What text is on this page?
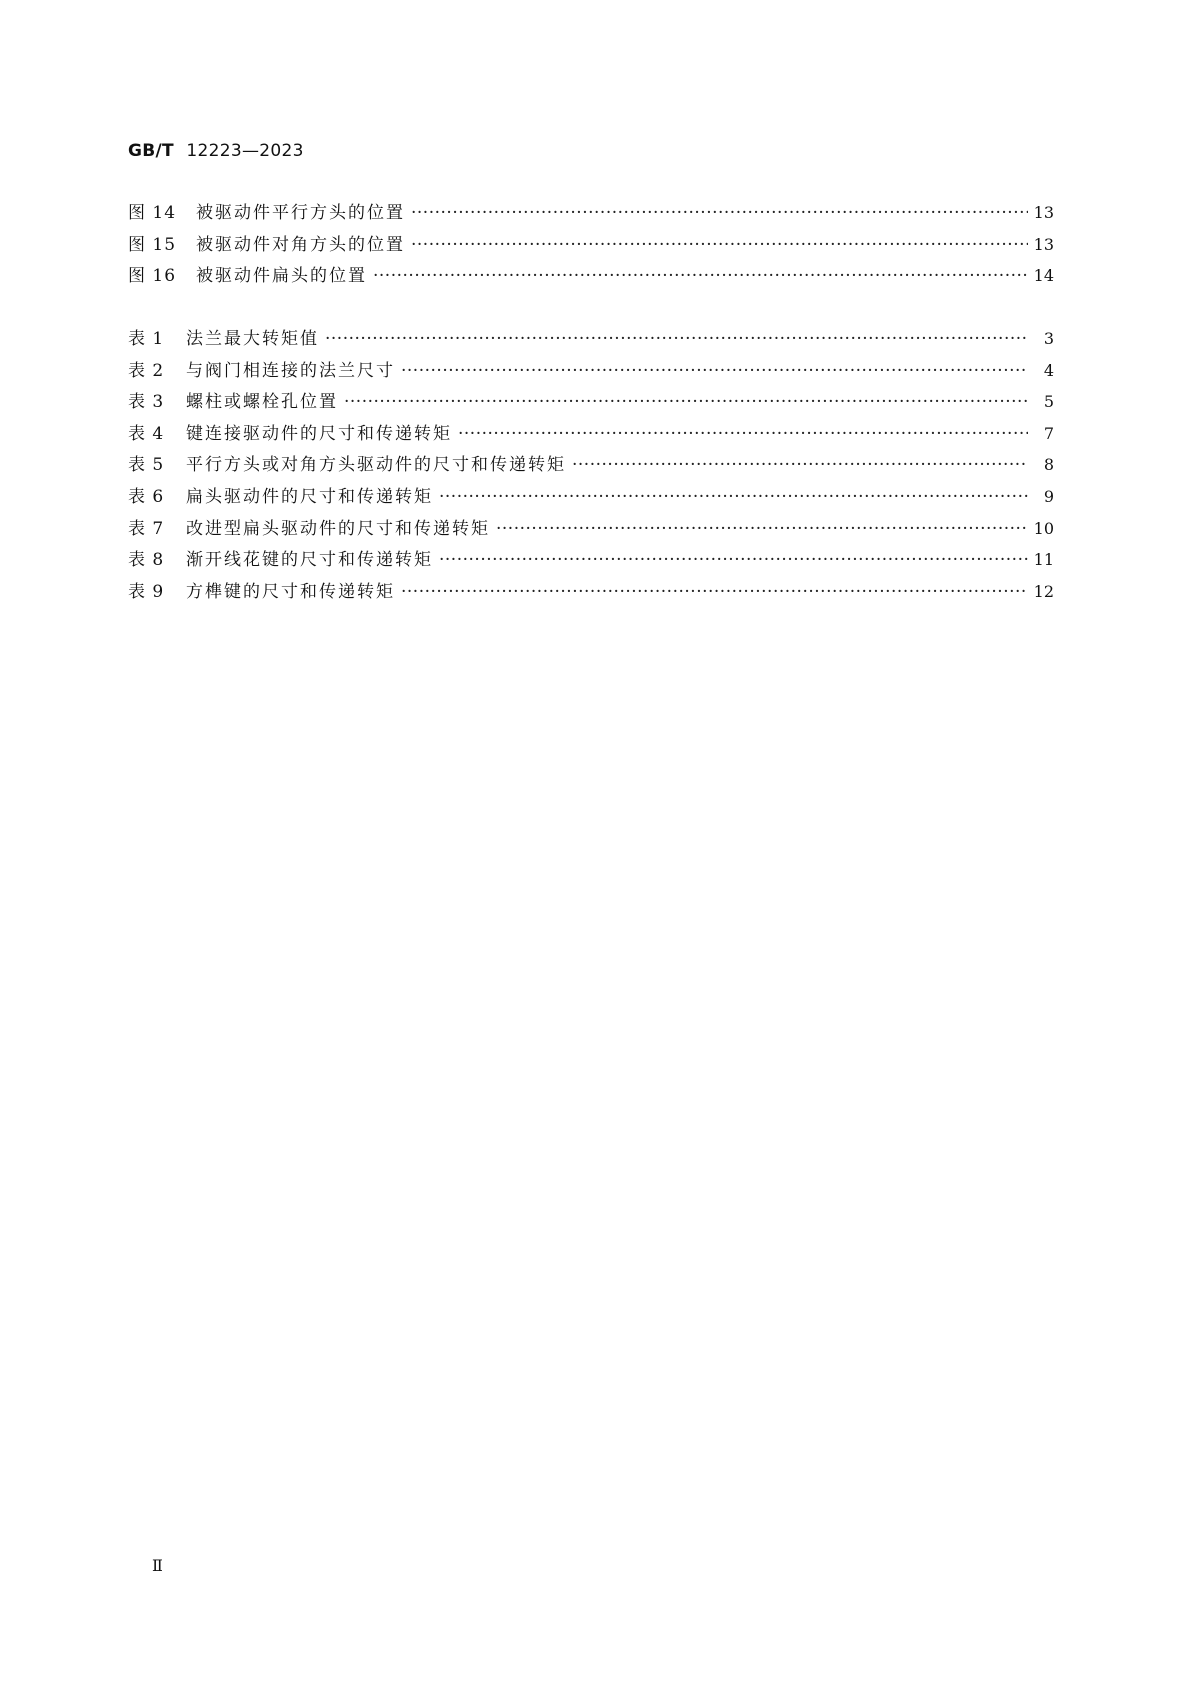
GB/T 12223—2023
图 14	被驱动件平行方头的位置 ·····	13
图 15	被驱动件对角方头的位置 ·····	13
图 16	被驱动件扁头的位置 ·····	14
表 1	法兰最大转矩值 ·····	3
表 2	与阀门相连接的法兰尺寸 ·····	4
表 3	螺柱或螺栓孔位置 ·····	5
表 4	键连接驱动件的尺寸和传递转矩 ·····	7
表 5	平行方头或对角方头驱动件的尺寸和传递转矩 ·····	8
表 6	扁头驱动件的尺寸和传递转矩 ·····	9
表 7	改进型扁头驱动件的尺寸和传递转矩 ·····	10
表 8	渐开线花键的尺寸和传递转矩 ·····	11
表 9	方榫键的尺寸和传递转矩 ·····	12
Ⅱ
